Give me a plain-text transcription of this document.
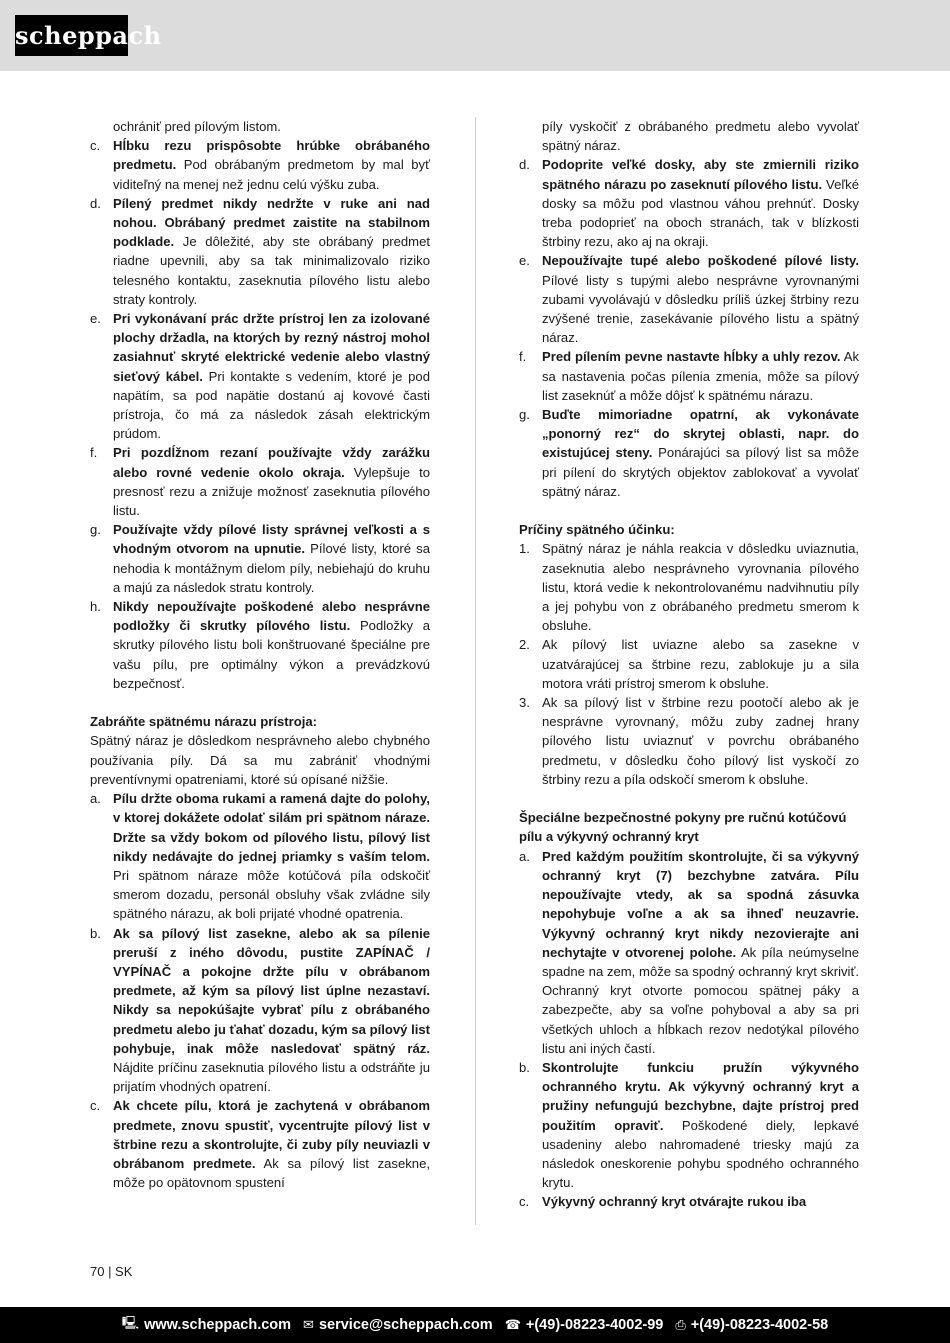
scheppach
ochrániť pred pílovým listom.
c. Hĺbku rezu prispôsobte hrúbke obrábaného predmetu. Pod obrábaným predmetom by mal byť viditeľný na menej než jednu celú výšku zuba.
d. Pílený predmet nikdy nedržte v ruke ani nad nohou. Obrábaný predmet zaistite na stabilnom podklade. Je dôležité, aby ste obrábaný predmet riadne upevnili, aby sa tak minimalizovalo riziko telesného kontaktu, zaseknutia pílového listu alebo straty kontroly.
e. Pri vykonávaní prác držte prístroj len za izolované plochy držadla, na ktorých by rezný nástroj mohol zasiahnuť skryté elektrické vedenie alebo vlastný sieťový kábel. Pri kontakte s vedením, ktoré je pod napätím, sa pod napätie dostanú aj kovové časti prístroja, čo má za následok zásah elektrickým prúdom.
f. Pri pozdĺžnom rezaní používajte vždy zarážku alebo rovné vedenie okolo okraja. Vylepšuje to presnosť rezu a znižuje možnosť zaseknutia pílového listu.
g. Používajte vždy pílové listy správnej veľkosti a s vhodným otvorom na upnutie. Pílové listy, ktoré sa nehodia k montážnym dielom píly, nebiehajú do kruhu a majú za následok stratu kontroly.
h. Nikdy nepoužívajte poškodené alebo nesprávne podložky či skrutky pílového listu. Podložky a skrutky pílového listu boli konštruované špeciálne pre vašu pílu, pre optimálny výkon a prevádzkovú bezpečnosť.
Zabráňte spätnému nárazu prístroja:
Spätný náraz je dôsledkom nesprávneho alebo chybného používania píly. Dá sa mu zabrániť vhodnými preventívnymi opatreniami, ktoré sú opísané nižšie.
a. Pílu držte oboma rukami a ramená dajte do polohy, v ktorej dokážete odolať silám pri spätnom náraze. Držte sa vždy bokom od pílového listu, pílový list nikdy nedávajte do jednej priamky s vaším telom. Pri spätnom náraze môže kotúčová píla odskočiť smerom dozadu, personál obsluhy však zvládne sily spätného nárazu, ak boli prijaté vhodné opatrenia.
b. Ak sa pílový list zasekne, alebo ak sa pílenie preruší z iného dôvodu, pustite ZAPÍNAČ / VYPÍNAČ a pokojne držte pílu v obrábanom predmete, až kým sa pílový list úplne nezastaví. Nikdy sa nepokúšajte vybrať pílu z obrábaného predmetu alebo ju ťahať dozadu, kým sa pílový list pohybuje, inak môže nasledovať spätný ráz. Nájdite príčinu zaseknutia pílového listu a odstráňte ju prijatím vhodných opatrení.
c. Ak chcete pílu, ktorá je zachytená v obrábanom predmete, znovu spustiť, vycentrujte pílový list v štrbine rezu a skontrolujte, či zuby píly neuviazli v obrábanom predmete. Ak sa pílový list zasekne, môže po opätovnom spustení
píly vyskočiť z obrábaného predmetu alebo vyvolať spätný náraz.
d. Podoprite veľké dosky, aby ste zmiernili riziko spätného nárazu po zaseknutí pílového listu. Veľké dosky sa môžu pod vlastnou váhou prehnúť. Dosky treba podoprieť na oboch stranách, tak v blízkosti štrbiny rezu, ako aj na okraji.
e. Nepoužívajte tupé alebo poškodené pílové listy. Pílové listy s tupými alebo nesprávne vyrovnanými zubami vyvolávajú v dôsledku príliš úzkej štrbiny rezu zvýšené trenie, zasekávanie pílového listu a spätný náraz.
f. Pred pílením pevne nastavte hĺbky a uhly rezov. Ak sa nastavenia počas pílenia zmenia, môže sa pílový list zaseknúť a môže dôjsť k spätnému nárazu.
g. Buďte mimoriadne opatrní, ak vykonávate „ponorný rez“ do skrytej oblasti, napr. do existujúcej steny. Ponárajúci sa pílový list sa môže pri pílení do skrytých objektov zablokovať a vyvolať spätný náraz.
Príčiny spätného účinku:
1. Spätný náraz je náhla reakcia v dôsledku uviaznutia, zaseknutia alebo nesprávneho vyrovnania pílového listu, ktorá vedie k nekontrolovanému nadvihnutiu píly a jej pohybu von z obrábaného predmetu smerom k obsluhe.
2. Ak pílový list uviazne alebo sa zasekne v uzatvárajúcej sa štrbine rezu, zablokuje ju a sila motora vráti prístroj smerom k obsluhe.
3. Ak sa pílový list v štrbine rezu pootočí alebo ak je nesprávne vyrovnaný, môžu zuby zadnej hrany pílového listu uviaznuť v povrchu obrábaného predmetu, v dôsledku čoho pílový list vyskočí zo štrbiny rezu a píla odskočí smerom k obsluhe.
Špeciálne bezpečnostné pokyny pre ručnú kotúčovú pílu a výkyvný ochranný kryt
a. Pred každým použitím skontrolujte, či sa výkyvný ochranný kryt (7) bezchybne zatvára. Pílu nepoužívajte vtedy, ak sa spodná zásuvka nepohybuje voľne a ak sa ihneď neuzavrie. Výkyvný ochranný kryt nikdy nezovierajte ani nechytajte v otvorenej polohe. Ak píla neúmyselne spadne na zem, môže sa spodný ochranný kryt skriviť. Ochranný kryt otvorte pomocou spätnej páky a zabezpečte, aby sa voľne pohyboval a aby sa pri všetkých uhloch a hĺbkach rezov nedotýkal pílového listu ani iných častí.
b. Skontrolujte funkciu pružín výkyvného ochranného krytu. Ak výkyvný ochranný kryt a pružiny nefungujú bezchybne, dajte prístroj pred použitím opraviť. Poškodené diely, lepkavé usadeniny alebo nahromadené triesky majú za následok oneskorenie pohybu spodného ochranného krytu.
c. Výkyvný ochranný kryt otvárajte rukou iba
70 | SK
🖳 www.scheppach.com ✉ service@scheppach.com ☎ +(49)-08223-4002-99 ⎙ +(49)-08223-4002-58
